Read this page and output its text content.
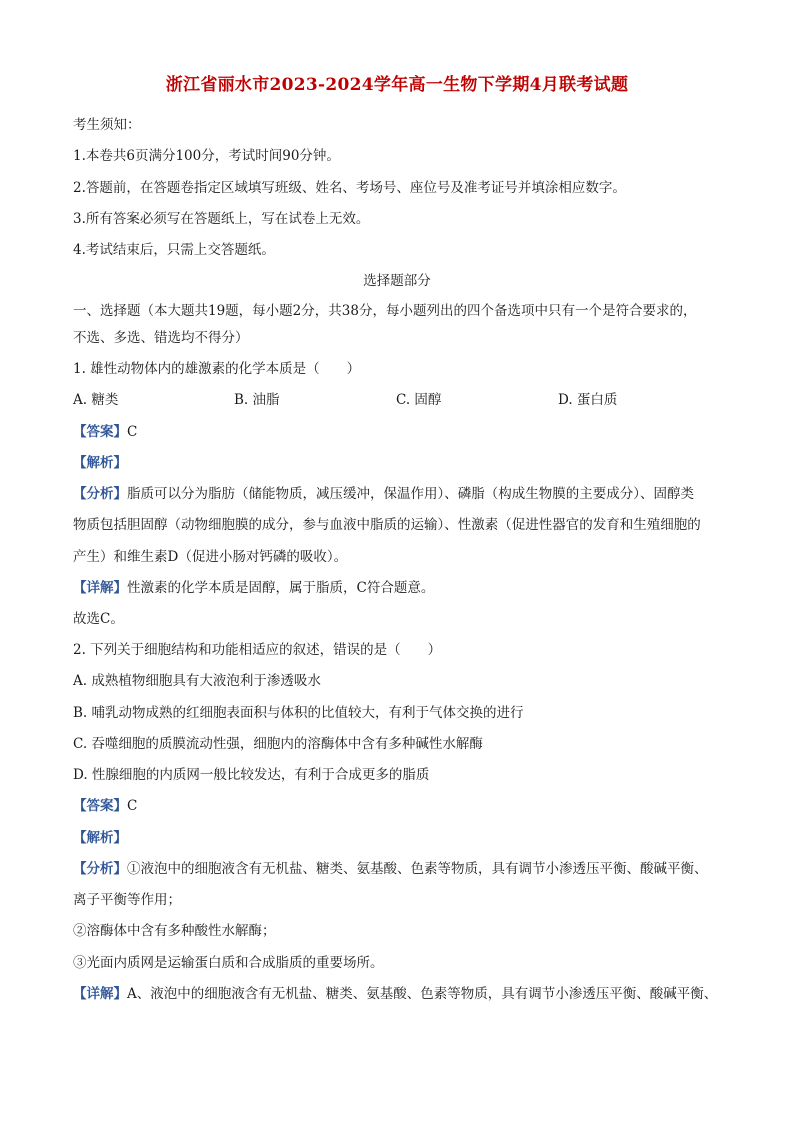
浙江省丽水市2023-2024学年高一生物下学期4月联考试题
考生须知：
1.本卷共6页满分100分，考试时间90分钟。
2.答题前，在答题卷指定区域填写班级、姓名、考场号、座位号及准考证号并填涂相应数字。
3.所有答案必须写在答题纸上，写在试卷上无效。
4.考试结束后，只需上交答题纸。
选择题部分
一、选择题（本大题共19题，每小题2分，共38分，每小题列出的四个备选项中只有一个是符合要求的，
不选、多选、错选均不得分）
1. 雄性动物体内的雄激素的化学本质是（　　）
A. 糖类	B. 油脂	C. 固醇	D. 蛋白质
【答案】C
【解析】
【分析】脂质可以分为脂肪（储能物质，减压缓冲，保温作用）、磷脂（构成生物膜的主要成分）、固醇类
物质包括胆固醇（动物细胞膜的成分，参与血液中脂质的运输）、性激素（促进性器官的发育和生殖细胞的
产生）和维生素D（促进小肠对钙磷的吸收）。
【详解】性激素的化学本质是固醇，属于脂质，C符合题意。
故选C。
2. 下列关于细胞结构和功能相适应的叙述，错误的是（　　）
A. 成熟植物细胞具有大液泡利于渗透吸水
B. 哺乳动物成熟的红细胞表面积与体积的比值较大，有利于气体交换的进行
C. 吞噬细胞的质膜流动性强，细胞内的溶酶体中含有多种碱性水解酶
D. 性腺细胞的内质网一般比较发达，有利于合成更多的脂质
【答案】C
【解析】
【分析】①液泡中的细胞液含有无机盐、糖类、氨基酸、色素等物质，具有调节小渗透压平衡、酸碱平衡、
离子平衡等作用；
②溶酶体中含有多种酸性水解酶；
③光面内质网是运输蛋白质和合成脂质的重要场所。
【详解】A、液泡中的细胞液含有无机盐、糖类、氨基酸、色素等物质，具有调节小渗透压平衡、酸碱平衡、
